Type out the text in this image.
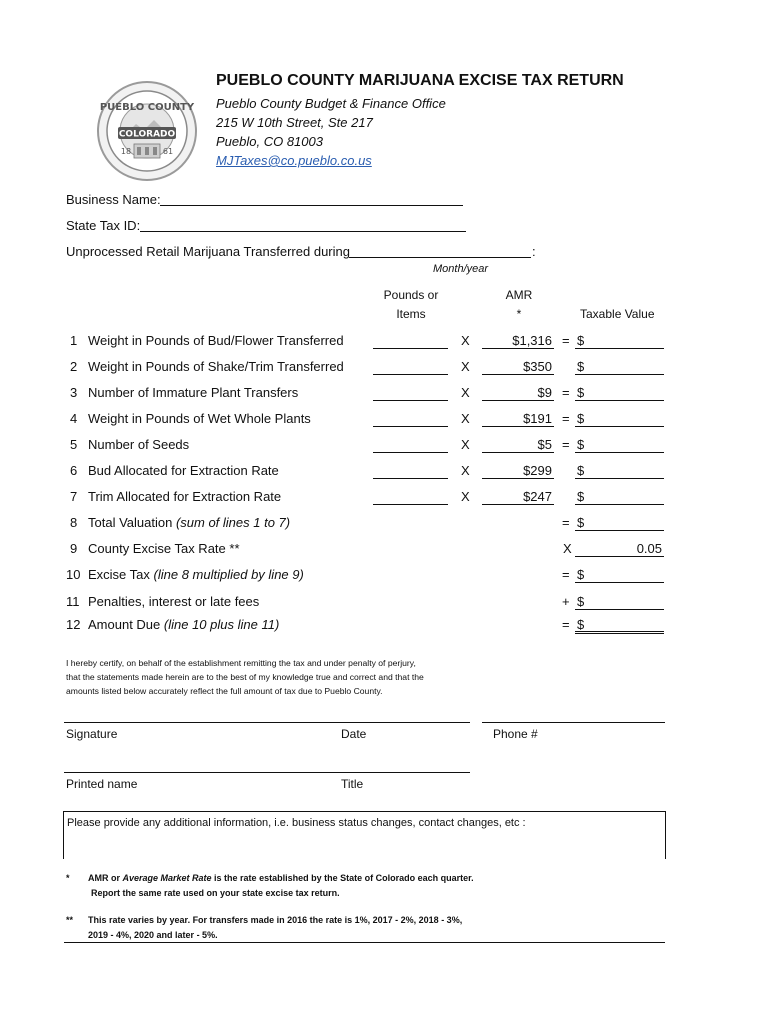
PUEBLO COUNTY
COLORADO
18	61
PUEBLO COUNTY MARIJUANA EXCISE TAX RETURN
Pueblo County Budget & Finance Office
215 W 10th Street, Ste 217
Pueblo, CO 81003
MJTaxes@co.pueblo.co.us
Business Name:
State Tax ID:
Unprocessed Retail Marijuana Transferred during	:
Month/year
Pounds or
Items
AMR
*	Taxable Value
1 Weight in Pounds of Bud/Flower Transferred	X	$1,316 = $
2 Weight in Pounds of Shake/Trim Transferred	X	$350 $
3 Number of Immature Plant Transfers	X	$9 = $
4 Weight in Pounds of Wet Whole Plants	X	$191 = $
5 Number of Seeds	X	$5 = $
6 Bud Allocated for Extraction Rate	X	$299 $
7 Trim Allocated for Extraction Rate	X	$247 $
8 Total Valuation (sum of lines 1 to 7)	= $
9 County Excise Tax Rate **	X	0.05
10 Excise Tax (line 8 multiplied by line 9)	= $
11 Penalties, interest or late fees	+ $
12 Amount Due (line 10 plus line 11)	= $
I hereby certify, on behalf of the establishment remitting the tax and under penalty of perjury,
that the statements made herein are to the best of my knowledge true and correct and that the
amounts listed below accurately reflect the full amount of tax due to Pueblo County.
Signature	Date	Phone #
Printed name	Title
Please provide any additional information, i.e. business status changes, contact changes, etc :
* AMR or Average Market Rate is the rate established by the State of Colorado each quarter.
Report the same rate used on your state excise tax return.
** This rate varies by year. For transfers made in 2016 the rate is 1%, 2017 - 2%, 2018 - 3%,
2019 - 4%, 2020 and later - 5%.
